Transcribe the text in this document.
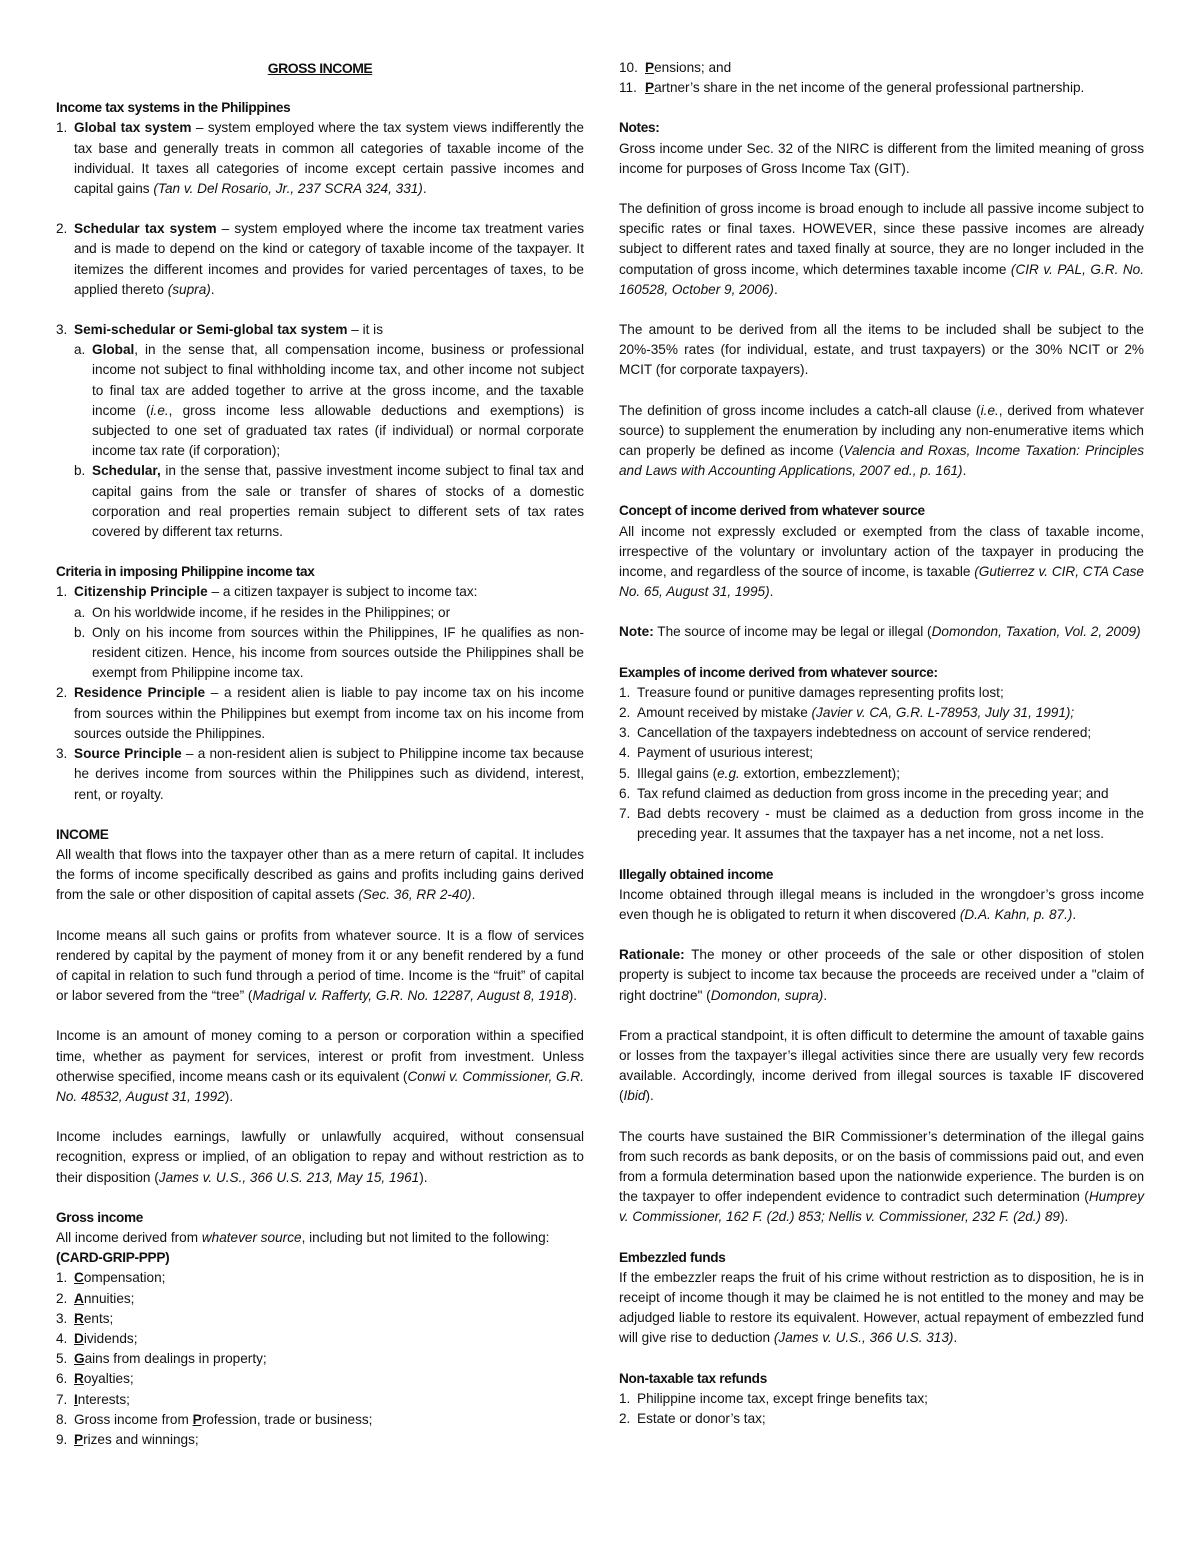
GROSS INCOME

Income tax systems in the Philippines

1. Global tax system – system employed where the tax system views indifferently the tax base and generally treats in common all categories of taxable income of the individual. It taxes all categories of income except certain passive incomes and capital gains (Tan v. Del Rosario, Jr., 237 SCRA 324, 331).
2. Schedular tax system – system employed where the income tax treatment varies and is made to depend on the kind or category of taxable income of the taxpayer. It itemizes the different incomes and provides for varied percentages of taxes, to be applied thereto (supra).
3. Semi-schedular or Semi-global tax system – it is
a. Global, in the sense that, all compensation income, business or professional income not subject to final withholding income tax, and other income not subject to final tax are added together to arrive at the gross income, and the taxable income (i.e., gross income less allowable deductions and exemptions) is subjected to one set of graduated tax rates (if individual) or normal corporate income tax rate (if corporation);
b. Schedular, in the sense that, passive investment income subject to final tax and capital gains from the sale or transfer of shares of stocks of a domestic corporation and real properties remain subject to different sets of tax rates covered by different tax returns.

Criteria in imposing Philippine income tax

1. Citizenship Principle – a citizen taxpayer is subject to income tax:
a. On his worldwide income, if he resides in the Philippines; or
b. Only on his income from sources within the Philippines, IF he qualifies as non-resident citizen. Hence, his income from sources outside the Philippines shall be exempt from Philippine income tax.
2. Residence Principle – a resident alien is liable to pay income tax on his income from sources within the Philippines but exempt from income tax on his income from sources outside the Philippines.
3. Source Principle – a non-resident alien is subject to Philippine income tax because he derives income from sources within the Philippines such as dividend, interest, rent, or royalty.

INCOME

All wealth that flows into the taxpayer other than as a mere return of capital. It includes the forms of income specifically described as gains and profits including gains derived from the sale or other disposition of capital assets (Sec. 36, RR 2-40).

Income means all such gains or profits from whatever source. It is a flow of services rendered by capital by the payment of money from it or any benefit rendered by a fund of capital in relation to such fund through a period of time. Income is the “fruit” of capital or labor severed from the “tree” (Madrigal v. Rafferty, G.R. No. 12287, August 8, 1918).

Income is an amount of money coming to a person or corporation within a specified time, whether as payment for services, interest or profit from investment. Unless otherwise specified, income means cash or its equivalent (Conwi v. Commissioner, G.R. No. 48532, August 31, 1992).

Income includes earnings, lawfully or unlawfully acquired, without consensual recognition, express or implied, of an obligation to repay and without restriction as to their disposition (James v. U.S., 366 U.S. 213, May 15, 1961).

Gross income

All income derived from whatever source, including but not limited to the following:

(CARD-GRIP-PPP)

1. Compensation;
2. Annuities;
3. Rents;
4. Dividends;
5. Gains from dealings in property;
6. Royalties;
7. Interests;
8. Gross income from Profession, trade or business;
9. Prizes and winnings;
10. Pensions; and
11. Partner’s share in the net income of the general professional partnership.

Notes:

Gross income under Sec. 32 of the NIRC is different from the limited meaning of gross income for purposes of Gross Income Tax (GIT).

The definition of gross income is broad enough to include all passive income subject to specific rates or final taxes. HOWEVER, since these passive incomes are already subject to different rates and taxed finally at source, they are no longer included in the computation of gross income, which determines taxable income (CIR v. PAL, G.R. No. 160528, October 9, 2006).

The amount to be derived from all the items to be included shall be subject to the 20%-35% rates (for individual, estate, and trust taxpayers) or the 30% NCIT or 2% MCIT (for corporate taxpayers).

The definition of gross income includes a catch-all clause (i.e., derived from whatever source) to supplement the enumeration by including any non-enumerative items which can properly be defined as income (Valencia and Roxas, Income Taxation: Principles and Laws with Accounting Applications, 2007 ed., p. 161).

Concept of income derived from whatever source

All income not expressly excluded or exempted from the class of taxable income, irrespective of the voluntary or involuntary action of the taxpayer in producing the income, and regardless of the source of income, is taxable (Gutierrez v. CIR, CTA Case No. 65, August 31, 1995).

Note: The source of income may be legal or illegal (Domondon, Taxation, Vol. 2, 2009)

Examples of income derived from whatever source:

1. Treasure found or punitive damages representing profits lost;
2. Amount received by mistake (Javier v. CA, G.R. L-78953, July 31, 1991);
3. Cancellation of the taxpayers indebtedness on account of service rendered;
4. Payment of usurious interest;
5. Illegal gains (e.g. extortion, embezzlement);
6. Tax refund claimed as deduction from gross income in the preceding year; and
7. Bad debts recovery - must be claimed as a deduction from gross income in the preceding year. It assumes that the taxpayer has a net income, not a net loss.

Illegally obtained income

Income obtained through illegal means is included in the wrongdoer’s gross income even though he is obligated to return it when discovered (D.A. Kahn, p. 87.).

Rationale: The money or other proceeds of the sale or other disposition of stolen property is subject to income tax because the proceeds are received under a "claim of right doctrine" (Domondon, supra).

From a practical standpoint, it is often difficult to determine the amount of taxable gains or losses from the taxpayer’s illegal activities since there are usually very few records available. Accordingly, income derived from illegal sources is taxable IF discovered (Ibid).

The courts have sustained the BIR Commissioner’s determination of the illegal gains from such records as bank deposits, or on the basis of commissions paid out, and even from a formula determination based upon the nationwide experience. The burden is on the taxpayer to offer independent evidence to contradict such determination (Humprey v. Commissioner, 162 F. (2d.) 853; Nellis v. Commissioner, 232 F. (2d.) 89).

Embezzled funds

If the embezzler reaps the fruit of his crime without restriction as to disposition, he is in receipt of income though it may be claimed he is not entitled to the money and may be adjudged liable to restore its equivalent. However, actual repayment of embezzled fund will give rise to deduction (James v. U.S., 366 U.S. 313).

Non-taxable tax refunds

1. Philippine income tax, except fringe benefits tax;
2. Estate or donor’s tax;
